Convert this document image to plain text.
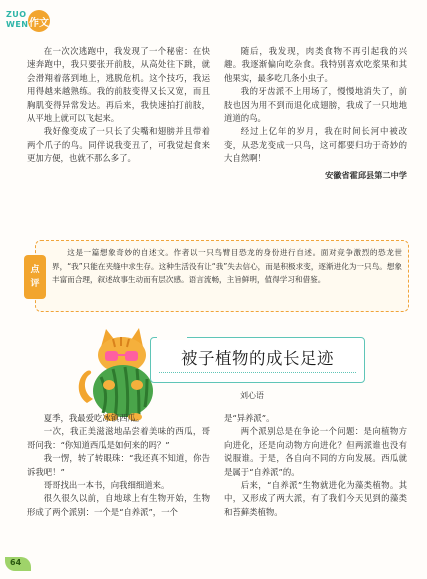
ZUO
WEN 作文

在一次次逃跑中，我发现了一个秘密：在快速奔跑中，我只要张开前肢，从高处往下跳，就会滑翔着落到地上，逃脱危机。这个技巧，我运用得越来越熟练。我的前肢变得又长又宽，而且胸肌变得异常发达。再后来，我快速拍打前肢，从平地上就可以飞起来。

我好像变成了一只长了尖嘴和翅膀并且带着两个爪子的鸟。同伴说我变丑了，可我觉起食来更加方便，也就不那么多了。

随后，我发现，肉类食物不再引起我的兴趣。我逐渐偏向吃杂食。我特别喜欢吃浆果和其他果实，最多吃几条小虫子。

我的牙齿派不上用场了，慢慢地消失了，前肢也因为用不到而退化成翅膀，我成了一只地地道道的鸟。

经过上亿年的岁月，我在时间长河中被改变，从恐龙变成一只鸟，这可都要归功于奇妙的大自然啊！

安徽省霍邱县第二中学

点
评

这是一篇想象奇妙的自述文。作者以一只鸟臂目恐龙的身份进行自述。面对竞争激烈的恐龙世界，“我”只能在夹缝中求生存。这种生活没有让“我”失去信心，而是积极求变，逐渐进化为一只鸟。想象丰富而合理，叙述故事生动而有层次感。语言流畅，主旨鲜明，值得学习和借鉴。

被子植物的成长足迹
刘心语

夏季，我最爱吃冰镇西瓜。

一次，我正美滋滋地品尝着美味的西瓜，哥哥问我：“你知道西瓜是如何来的吗？”

我一愣，转了转眼珠：“我还真不知道，你告诉我吧！”

哥哥找出一本书，向我细细道来。

很久很久以前，自地球上有生物开始，生物形成了两个派别：一个是“自养派”，一个

是“异养派”。

两个派别总是在争论一个问题：是向植物方向进化，还是向动物方向进化？但两派谁也没有说服谁。于是，各自向不同的方向发展。西瓜就是属于“自养派”的。

后来，“自养派”生物就进化为藻类植物。其中，又形成了两大派，有了我们今天见到的藻类和苔藓类植物。

64
